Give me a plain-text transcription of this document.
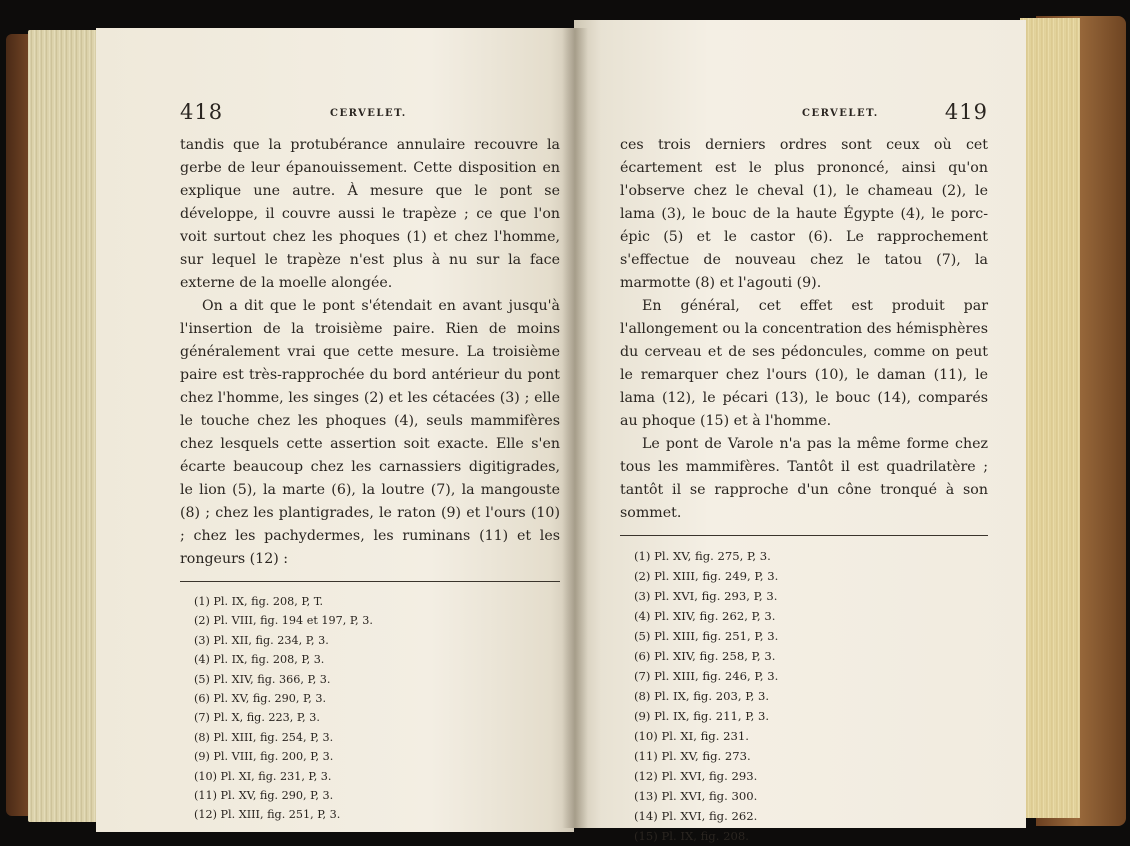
418	CERVELET.

tandis que la protubérance annulaire recouvre la gerbe de leur épanouissement. Cette disposition en explique une autre. À mesure que le pont se développe, il couvre aussi le trapèze ; ce que l'on voit surtout chez les phoques (1) et chez l'homme, sur lequel le trapèze n'est plus à nu sur la face externe de la moelle alongée.

On a dit que le pont s'étendait en avant jusqu'à l'insertion de la troisième paire. Rien de moins généralement vrai que cette mesure. La troisième paire est très-rapprochée du bord antérieur du pont chez l'homme, les singes (2) et les cétacées (3) ; elle le touche chez les phoques (4), seuls mammifères chez lesquels cette assertion soit exacte. Elle s'en écarte beaucoup chez les carnassiers digitigrades, le lion (5), la marte (6), la loutre (7), la mangouste (8) ; chez les plantigrades, le raton (9) et l'ours (10) ; chez les pachydermes, les ruminans (11) et les rongeurs (12) :

(1) Pl. IX, fig. 208, P, T.
(2) Pl. VIII, fig. 194 et 197, P, 3.
(3) Pl. XII, fig. 234, P, 3.
(4) Pl. IX, fig. 208, P, 3.
(5) Pl. XIV, fig. 366, P, 3.
(6) Pl. XV, fig. 290, P, 3.
(7) Pl. X, fig. 223, P, 3.
(8) Pl. XIII, fig. 254, P, 3.
(9) Pl. VIII, fig. 200, P, 3.
(10) Pl. XI, fig. 231, P, 3.
(11) Pl. XV, fig. 290, P, 3.
(12) Pl. XIII, fig. 251, P, 3.
CERVELET.	419

ces trois derniers ordres sont ceux où cet écartement est le plus prononcé, ainsi qu'on l'observe chez le cheval (1), le chameau (2), le lama (3), le bouc de la haute Égypte (4), le porc-épic (5) et le castor (6). Le rapprochement s'effectue de nouveau chez le tatou (7), la marmotte (8) et l'agouti (9).

En général, cet effet est produit par l'allongement ou la concentration des hémisphères du cerveau et de ses pédoncules, comme on peut le remarquer chez l'ours (10), le daman (11), le lama (12), le pécari (13), le bouc (14), comparés au phoque (15) et à l'homme.

Le pont de Varole n'a pas la même forme chez tous les mammifères. Tantôt il est quadrilatère ; tantôt il se rapproche d'un cône tronqué à son sommet.

(1) Pl. XV, fig. 275, P, 3.
(2) Pl. XIII, fig. 249, P, 3.
(3) Pl. XVI, fig. 293, P, 3.
(4) Pl. XIV, fig. 262, P, 3.
(5) Pl. XIII, fig. 251, P, 3.
(6) Pl. XIV, fig. 258, P, 3.
(7) Pl. XIII, fig. 246, P, 3.
(8) Pl. IX, fig. 203, P, 3.
(9) Pl. IX, fig. 211, P, 3.
(10) Pl. XI, fig. 231.
(11) Pl. XV, fig. 273.
(12) Pl. XVI, fig. 293.
(13) Pl. XVI, fig. 300.
(14) Pl. XVI, fig. 262.
(15) Pl. IX, fig. 208.
